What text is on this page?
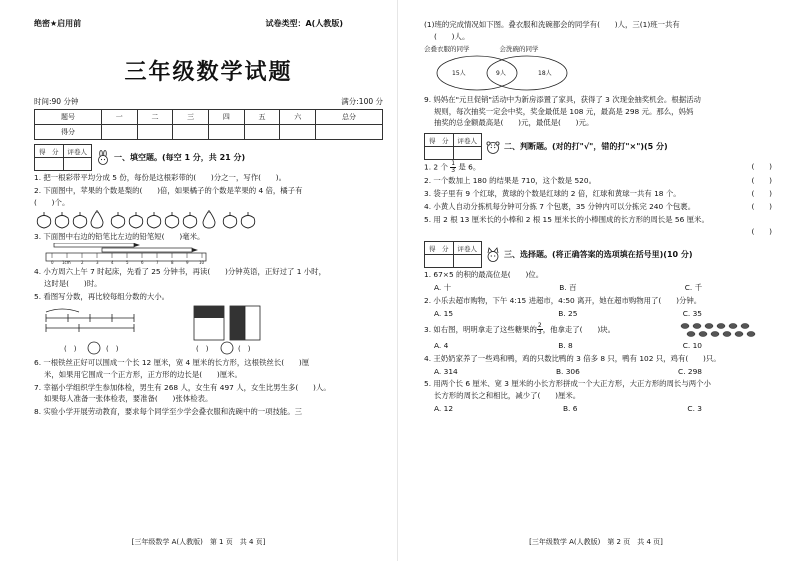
绝密★启用前	试卷类型：A(人教版)
三年级数学试题
时间:90 分钟	满分:100 分
题号	一	二	三	四	五	六	总分
得分							
得　分	评卷人

一、填空题。(每空 1 分，共 21 分)
1. 把一根彩带平均分成 5 份，每份是这根彩带的(　　)分之一，写作(　　)。
2. 下面图中，苹果的个数是梨的(　　)倍，如果橘子的个数是苹果的 4 倍，橘子有
(　　)个。
3. 下面图中右边的铅笔比左边的铅笔短(　　)毫米。
0 1cm	2	3	4	5	6	7	8	9	10
4. 小方周六上午 7 时起床，先看了 25 分钟书，再读(　　)分钟英语，正好过了 1 小时，
这时是(　　)时。
5. 看图写分数，再比较每组分数的大小。
(　)	(　)	(　)	(　)
6. 一根铁丝正好可以围成一个长 12 厘米，宽 4 厘米的长方形，这根铁丝长(　　)厘
米，如果用它围成一个正方形，正方形的边长是(　　)厘米。
7. 幸福小学组织学生参加体检，男生有 268 人，女生有 497 人，女生比男生多(　　)人。
如果每人准备一张体检表，要准备(　　)张体检表。
8. 实验小学开展劳动教育，要求每个同学至少学会叠衣服和洗碗中的一项技能。三
[三年级数学 A(人教版)　第 1 页　共 4 页]
(1)班的完成情况如下图。叠衣服和洗碗都会的同学有(　　)人，三(1)班一共有
(　　)人。
会叠衣服的同学	会洗碗的同学
15人	9人	18人
9. 妈妈在"元旦促销"活动中为新房添置了家具，获得了 3 次现金抽奖机会。根据活动
规则，每次抽奖一定会中奖，奖金最低是 108 元，最高是 298 元。那么，妈妈
抽奖的总金额最高是(　　)元，最低是(　　)元。
得　分	评卷人

二、判断题。(对的打"√"，错的打"×")(5 分)
1. 2 个 $\frac{1}{3}$ 是 6。	(　　)
2. 一个数加上 180 的结果是 710，这个数是 520。	(　　)
3. 袋子里有 9 个红球，黄球的个数是红球的 2 倍，红球和黄球一共有 18 个。	(　　)
4. 小黄人自动分拣机每分钟可分拣 7 个包裹，35 分钟内可以分拣完 240 个包裹。	(　　)
5. 用 2 根 13 厘米长的小棒和 2 根 15 厘米长的小棒围成的长方形的周长是 56 厘米。
(　　)
得　分	评卷人

三、选择题。(将正确答案的选项填在括号里)(10 分)
1. 67×5 的积的最高位是(　　)位。
A. 十	B. 百	C. 千
2. 小乐去超市购物，下午 4:15 进超市，4:50 离开，她在超市购物用了(　　)分钟。
A. 15	B. 25	C. 35
3. 如右图，明明拿走了这些糖果的 $\frac{2}{3}$ ，他拿走了(　　)块。
A. 4	B. 8	C. 10
4. 王奶奶家养了一些鸡和鸭，鸡的只数比鸭的 3 倍多 8 只，鸭有 102 只，鸡有(　　)只。
A. 314	B. 306	C. 298
5. 用两个长 6 厘米、宽 3 厘米的小长方形拼成一个大正方形，大正方形的周长与两个小
长方形的周长之和相比，减少了(　　)厘米。
A. 12	B. 6	C. 3
[三年级数学 A(人教版)　第 2 页　共 4 页]
